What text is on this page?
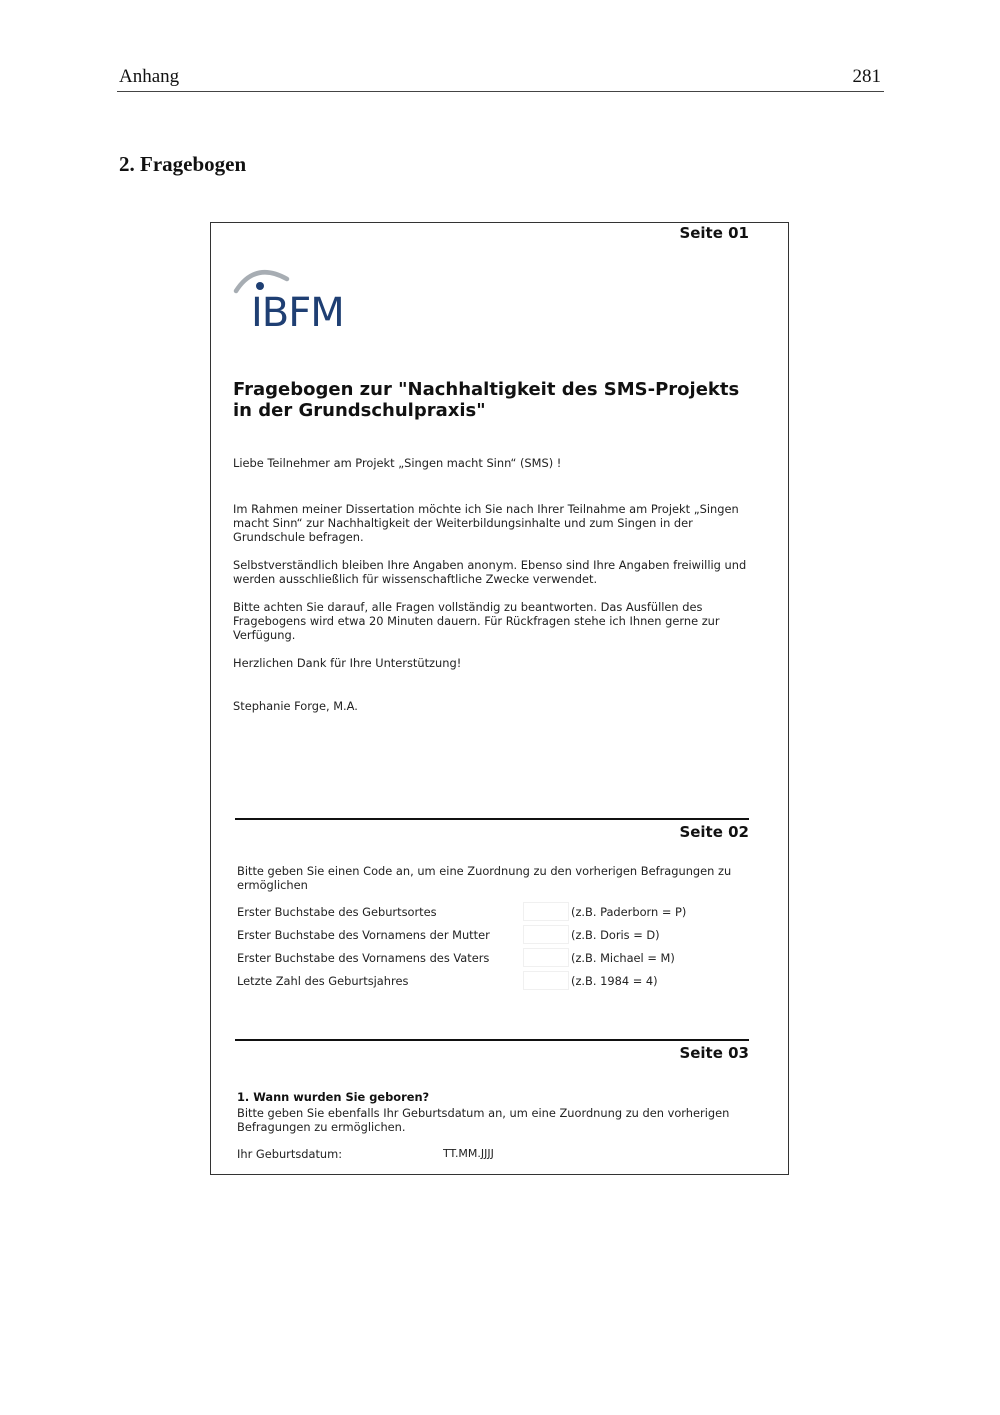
Anhang	281
2. Fragebogen
Seite 01
IBFM
Fragebogen zur "Nachhaltigkeit des SMS-Projekts in der Grundschulpraxis"
Liebe Teilnehmer am Projekt „Singen macht Sinn“ (SMS) !
Im Rahmen meiner Dissertation möchte ich Sie nach Ihrer Teilnahme am Projekt „Singen macht Sinn“ zur Nachhaltigkeit der Weiterbildungsinhalte und zum Singen in der Grundschule befragen.
Selbstverständlich bleiben Ihre Angaben anonym. Ebenso sind Ihre Angaben freiwillig und werden ausschließlich für wissenschaftliche Zwecke verwendet.
Bitte achten Sie darauf, alle Fragen vollständig zu beantworten. Das Ausfüllen des Fragebogens wird etwa 20 Minuten dauern. Für Rückfragen stehe ich Ihnen gerne zur Verfügung.
Herzlichen Dank für Ihre Unterstützung!
Stephanie Forge, M.A.
Seite 02
Bitte geben Sie einen Code an, um eine Zuordnung zu den vorherigen Befragungen zu ermöglichen
Erster Buchstabe des Geburtsortes	(z.B. Paderborn = P)
Erster Buchstabe des Vornamens der Mutter	(z.B. Doris = D)
Erster Buchstabe des Vornamens des Vaters	(z.B. Michael = M)
Letzte Zahl des Geburtsjahres	(z.B. 1984 = 4)
Seite 03
1. Wann wurden Sie geboren?
Bitte geben Sie ebenfalls Ihr Geburtsdatum an, um eine Zuordnung zu den vorherigen Befragungen zu ermöglichen.
Ihr Geburtsdatum:
TT.MM.JJJJ
